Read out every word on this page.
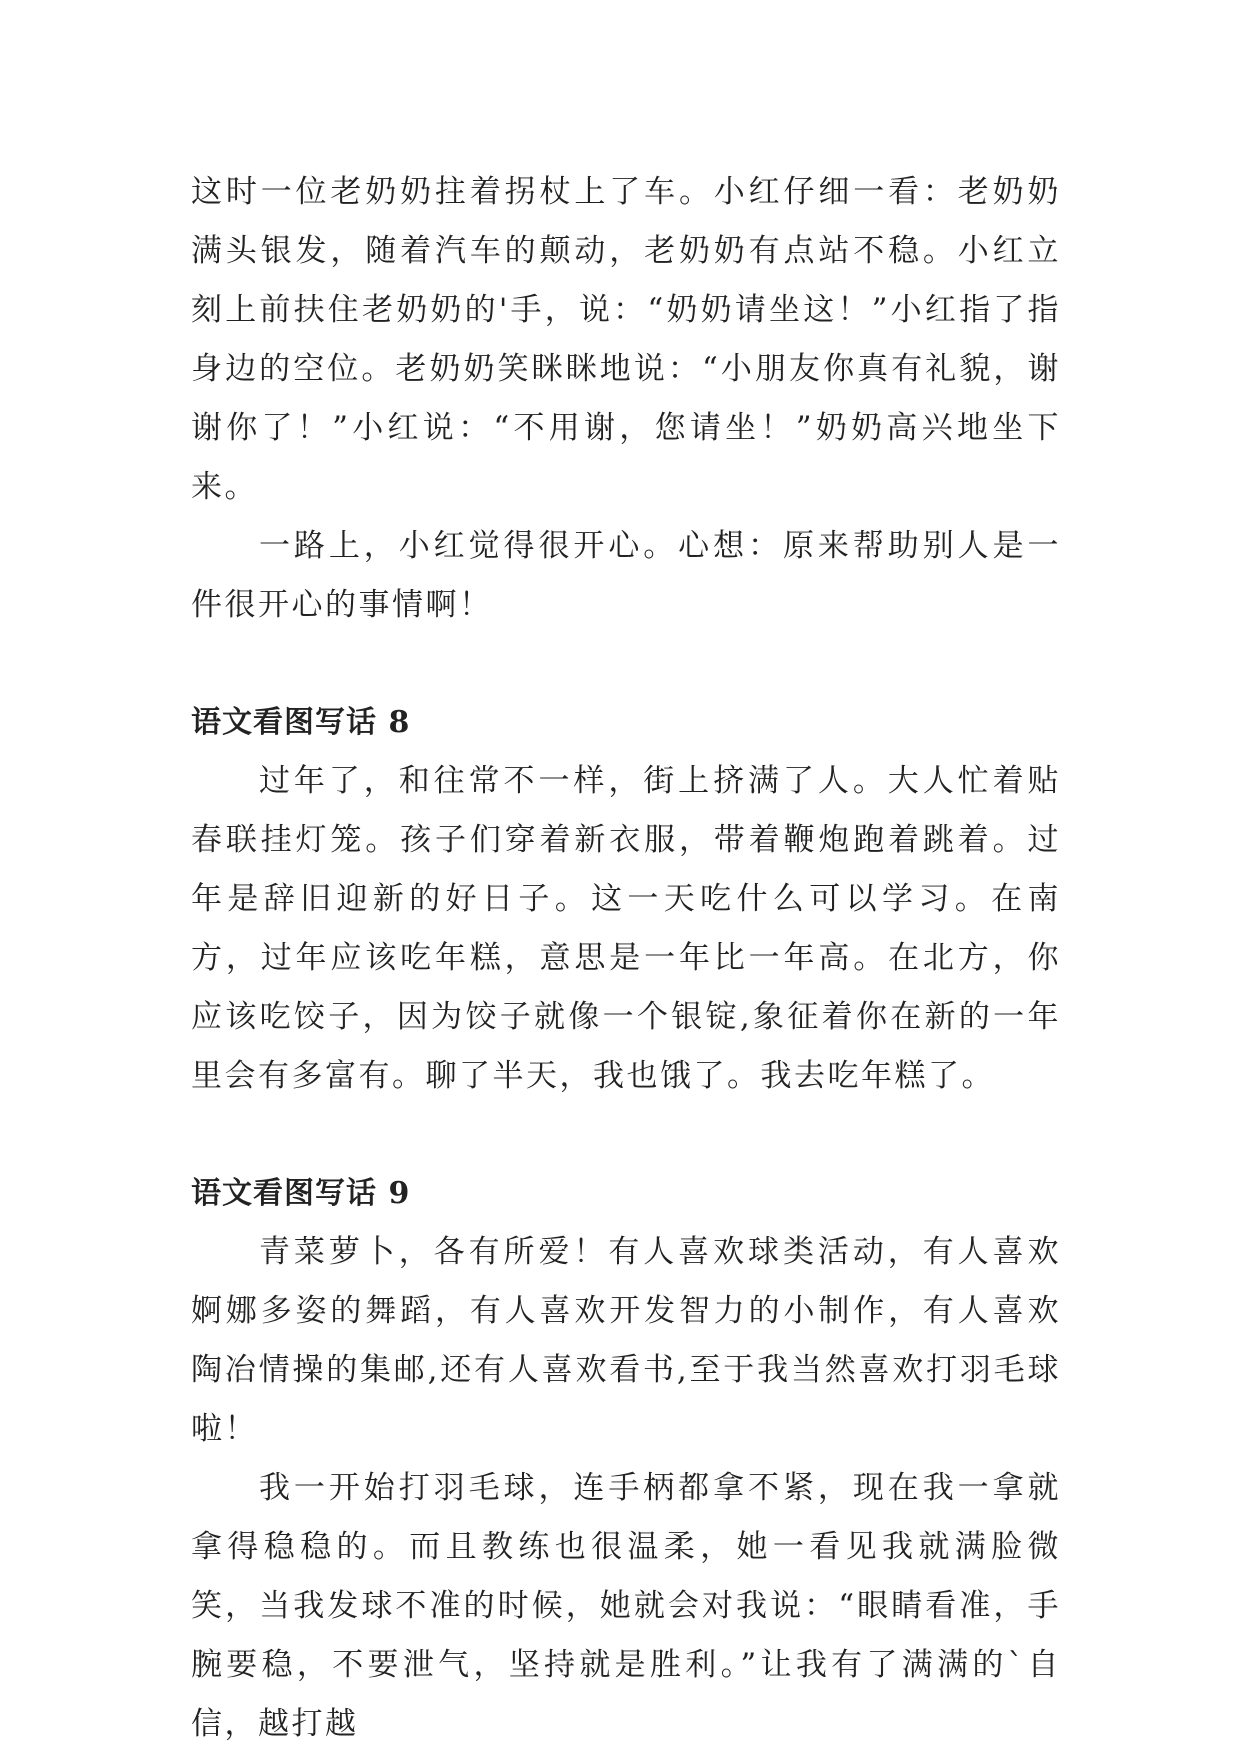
这时一位老奶奶拄着拐杖上了车。小红仔细一看：老奶奶满头银发，随着汽车的颠动，老奶奶有点站不稳。小红立刻上前扶住老奶奶的'手，说：“奶奶请坐这！”小红指了指身边的空位。老奶奶笑眯眯地说：“小朋友你真有礼貌，谢谢你了！”小红说：“不用谢，您请坐！”奶奶高兴地坐下来。

一路上，小红觉得很开心。心想：原来帮助别人是一件很开心的事情啊！

语文看图写话 8

过年了，和往常不一样，街上挤满了人。大人忙着贴春联挂灯笼。孩子们穿着新衣服，带着鞭炮跑着跳着。过年是辞旧迎新的好日子。这一天吃什么可以学习。在南方，过年应该吃年糕，意思是一年比一年高。在北方，你应该吃饺子，因为饺子就像一个银锭,象征着你在新的一年里会有多富有。聊了半天，我也饿了。我去吃年糕了。

语文看图写话 9

青菜萝卜，各有所爱！有人喜欢球类活动，有人喜欢婀娜多姿的舞蹈，有人喜欢开发智力的小制作，有人喜欢陶冶情操的集邮,还有人喜欢看书,至于我当然喜欢打羽毛球啦！

我一开始打羽毛球，连手柄都拿不紧，现在我一拿就拿得稳稳的。而且教练也很温柔，她一看见我就满脸微笑，当我发球不准的时候，她就会对我说：“眼睛看准，手腕要稳，不要泄气，坚持就是胜利。”让我有了满满的`自信，越打越
